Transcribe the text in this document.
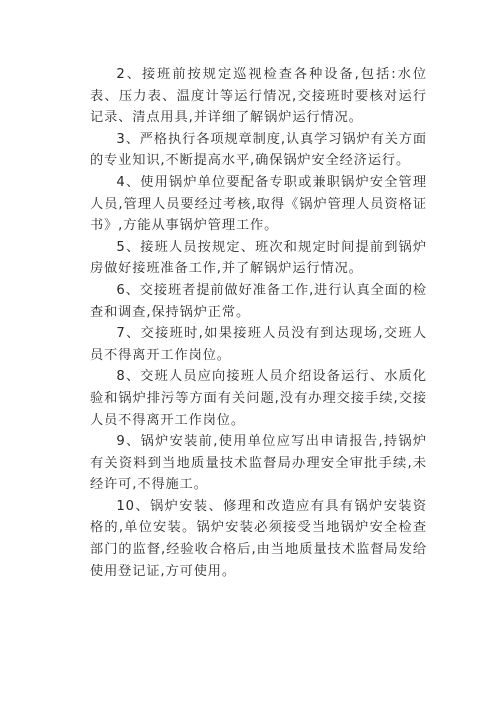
2、接班前按规定巡视检查各种设备,包括:水位表、压力表、温度计等运行情况,交接班时要核对运行记录、清点用具,并详细了解锅炉运行情况。

3、严格执行各项规章制度,认真学习锅炉有关方面的专业知识,不断提高水平,确保锅炉安全经济运行。

4、使用锅炉单位要配备专职或兼职锅炉安全管理人员,管理人员要经过考核,取得《锅炉管理人员资格证书》,方能从事锅炉管理工作。

5、接班人员按规定、班次和规定时间提前到锅炉房做好接班准备工作,并了解锅炉运行情况。

6、交接班者提前做好准备工作,进行认真全面的检查和调查,保持锅炉正常。

7、交接班时,如果接班人员没有到达现场,交班人员不得离开工作岗位。

8、交班人员应向接班人员介绍设备运行、水质化验和锅炉排污等方面有关问题,没有办理交接手续,交接人员不得离开工作岗位。

9、锅炉安装前,使用单位应写出申请报告,持锅炉有关资料到当地质量技术监督局办理安全审批手续,未经许可,不得施工。

10、锅炉安装、修理和改造应有具有锅炉安装资格的,单位安装。锅炉安装必须接受当地锅炉安全检查部门的监督,经验收合格后,由当地质量技术监督局发给使用登记证,方可使用。
